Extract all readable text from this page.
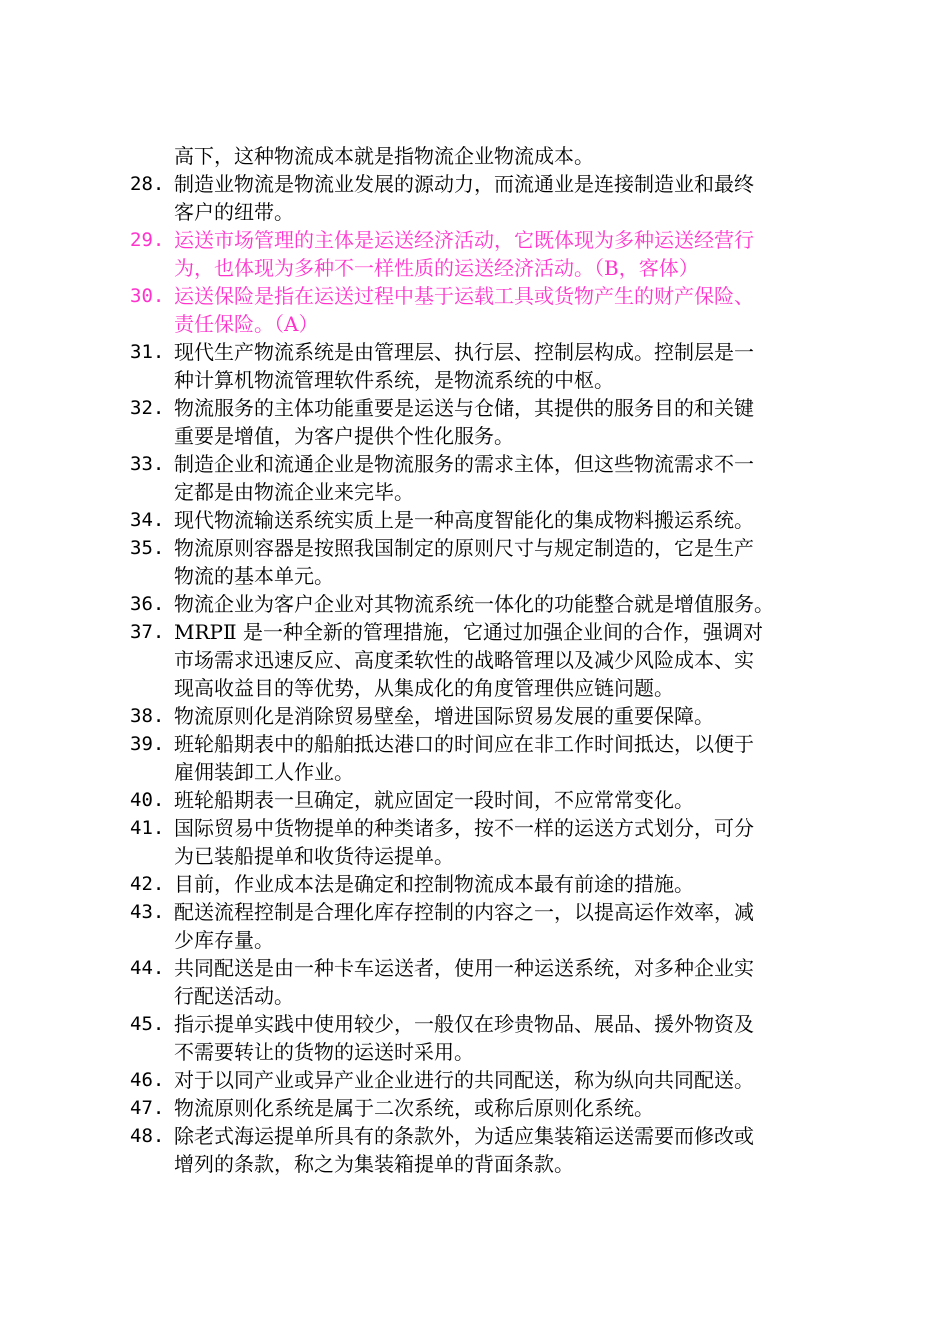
高下，这种物流成本就是指物流企业物流成本。
28. 制造业物流是物流业发展的源动力，而流通业是连接制造业和最终
客户的纽带。
29. 运送市场管理的主体是运送经济活动，它既体现为多种运送经营行
为，也体现为多种不一样性质的运送经济活动。（B，客体）
30. 运送保险是指在运送过程中基于运载工具或货物产生的财产保险、
责任保险。（A）
31. 现代生产物流系统是由管理层、执行层、控制层构成。控制层是一
种计算机物流管理软件系统，是物流系统的中枢。
32. 物流服务的主体功能重要是运送与仓储，其提供的服务目的和关键
重要是增值，为客户提供个性化服务。
33. 制造企业和流通企业是物流服务的需求主体，但这些物流需求不一
定都是由物流企业来完毕。
34. 现代物流输送系统实质上是一种高度智能化的集成物料搬运系统。
35. 物流原则容器是按照我国制定的原则尺寸与规定制造的，它是生产
物流的基本单元。
36. 物流企业为客户企业对其物流系统一体化的功能整合就是增值服务。
37. MRPⅡ 是一种全新的管理措施，它通过加强企业间的合作，强调对
市场需求迅速反应、高度柔软性的战略管理以及减少风险成本、实
现高收益目的等优势，从集成化的角度管理供应链问题。
38. 物流原则化是消除贸易壁垒，增进国际贸易发展的重要保障。
39. 班轮船期表中的船舶抵达港口的时间应在非工作时间抵达，以便于
雇佣装卸工人作业。
40. 班轮船期表一旦确定，就应固定一段时间，不应常常变化。
41. 国际贸易中货物提单的种类诸多，按不一样的运送方式划分，可分
为已装船提单和收货待运提单。
42. 目前，作业成本法是确定和控制物流成本最有前途的措施。
43. 配送流程控制是合理化库存控制的内容之一，以提高运作效率，减
少库存量。
44. 共同配送是由一种卡车运送者，使用一种运送系统，对多种企业实
行配送活动。
45. 指示提单实践中使用较少，一般仅在珍贵物品、展品、援外物资及
不需要转让的货物的运送时采用。
46. 对于以同产业或异产业企业进行的共同配送，称为纵向共同配送。
47. 物流原则化系统是属于二次系统，或称后原则化系统。
48. 除老式海运提单所具有的条款外，为适应集装箱运送需要而修改或
增列的条款，称之为集装箱提单的背面条款。
